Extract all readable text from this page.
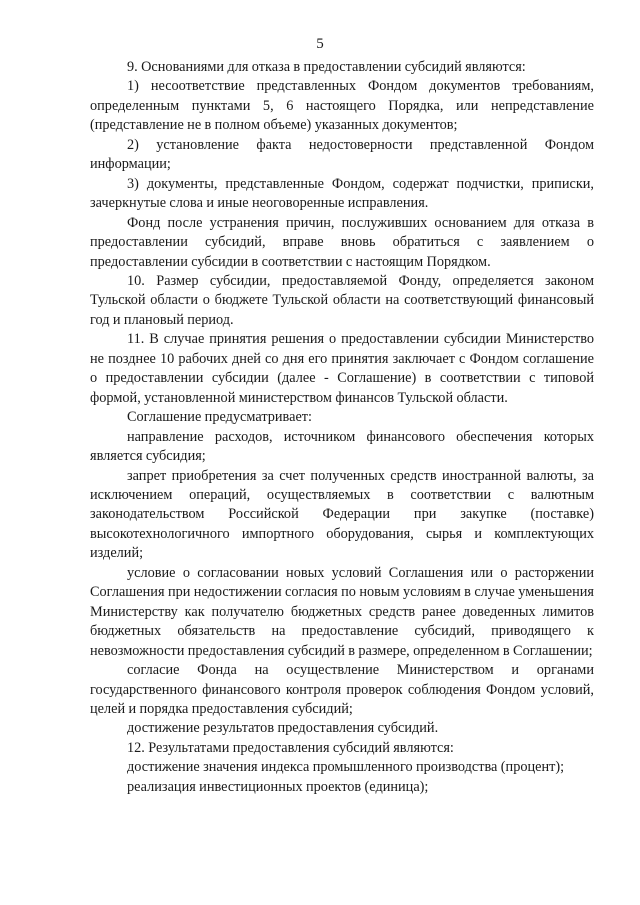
5

9. Основаниями для отказа в предоставлении субсидий являются:

1) несоответствие представленных Фондом документов требованиям, определенным пунктами 5, 6 настоящего Порядка, или непредставление (представление не в полном объеме) указанных документов;

2) установление факта недостоверности представленной Фондом информации;

3) документы, представленные Фондом, содержат подчистки, приписки, зачеркнутые слова и иные неоговоренные исправления.

Фонд после устранения причин, послуживших основанием для отказа в предоставлении субсидий, вправе вновь обратиться с заявлением о предоставлении субсидии в соответствии с настоящим Порядком.

10. Размер субсидии, предоставляемой Фонду, определяется законом Тульской области о бюджете Тульской области на соответствующий финансовый год и плановый период.

11. В случае принятия решения о предоставлении субсидии Министерство не позднее 10 рабочих дней со дня его принятия заключает с Фондом соглашение о предоставлении субсидии (далее - Соглашение) в соответствии с типовой формой, установленной министерством финансов Тульской области.

Соглашение предусматривает:

направление расходов, источником финансового обеспечения которых является субсидия;

запрет приобретения за счет полученных средств иностранной валюты, за исключением операций, осуществляемых в соответствии с валютным законодательством Российской Федерации при закупке (поставке) высокотехнологичного импортного оборудования, сырья и комплектующих изделий;

условие о согласовании новых условий Соглашения или о расторжении Соглашения при недостижении согласия по новым условиям в случае уменьшения Министерству как получателю бюджетных средств ранее доведенных лимитов бюджетных обязательств на предоставление субсидий, приводящего к невозможности предоставления субсидий в размере, определенном в Соглашении;

согласие Фонда на осуществление Министерством и органами государственного финансового контроля проверок соблюдения Фондом условий, целей и порядка предоставления субсидий;

достижение результатов предоставления субсидий.

12. Результатами предоставления субсидий являются:

достижение значения индекса промышленного производства (процент);

реализация инвестиционных проектов (единица);
